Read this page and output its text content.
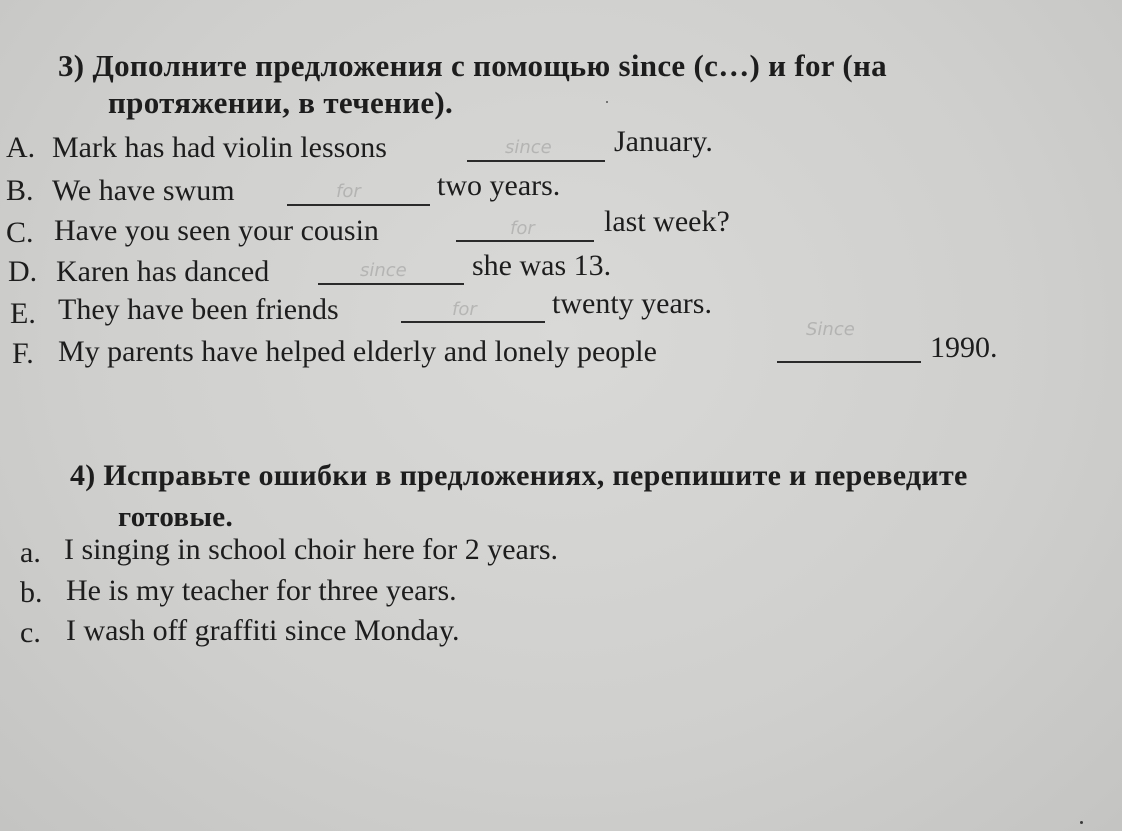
3) Дополните предложения с помощью since (с…) и for (на
протяжении, в течение).
A. Mark has had violin lessons	since January.
B. We have swum	for	two years.
C. Have you seen your cousin	for last week?
D. Karen has danced	since she was 13.
E. They have been friends	for	twenty years.
F. My parents have helped elderly and lonely people
Since
1990.
4) Исправьте ошибки в предложениях, перепишите и переведите
готовые.
a. I singing in school choir here for 2 years.
b. He is my teacher for three years.
c. I wash off graffiti since Monday.
